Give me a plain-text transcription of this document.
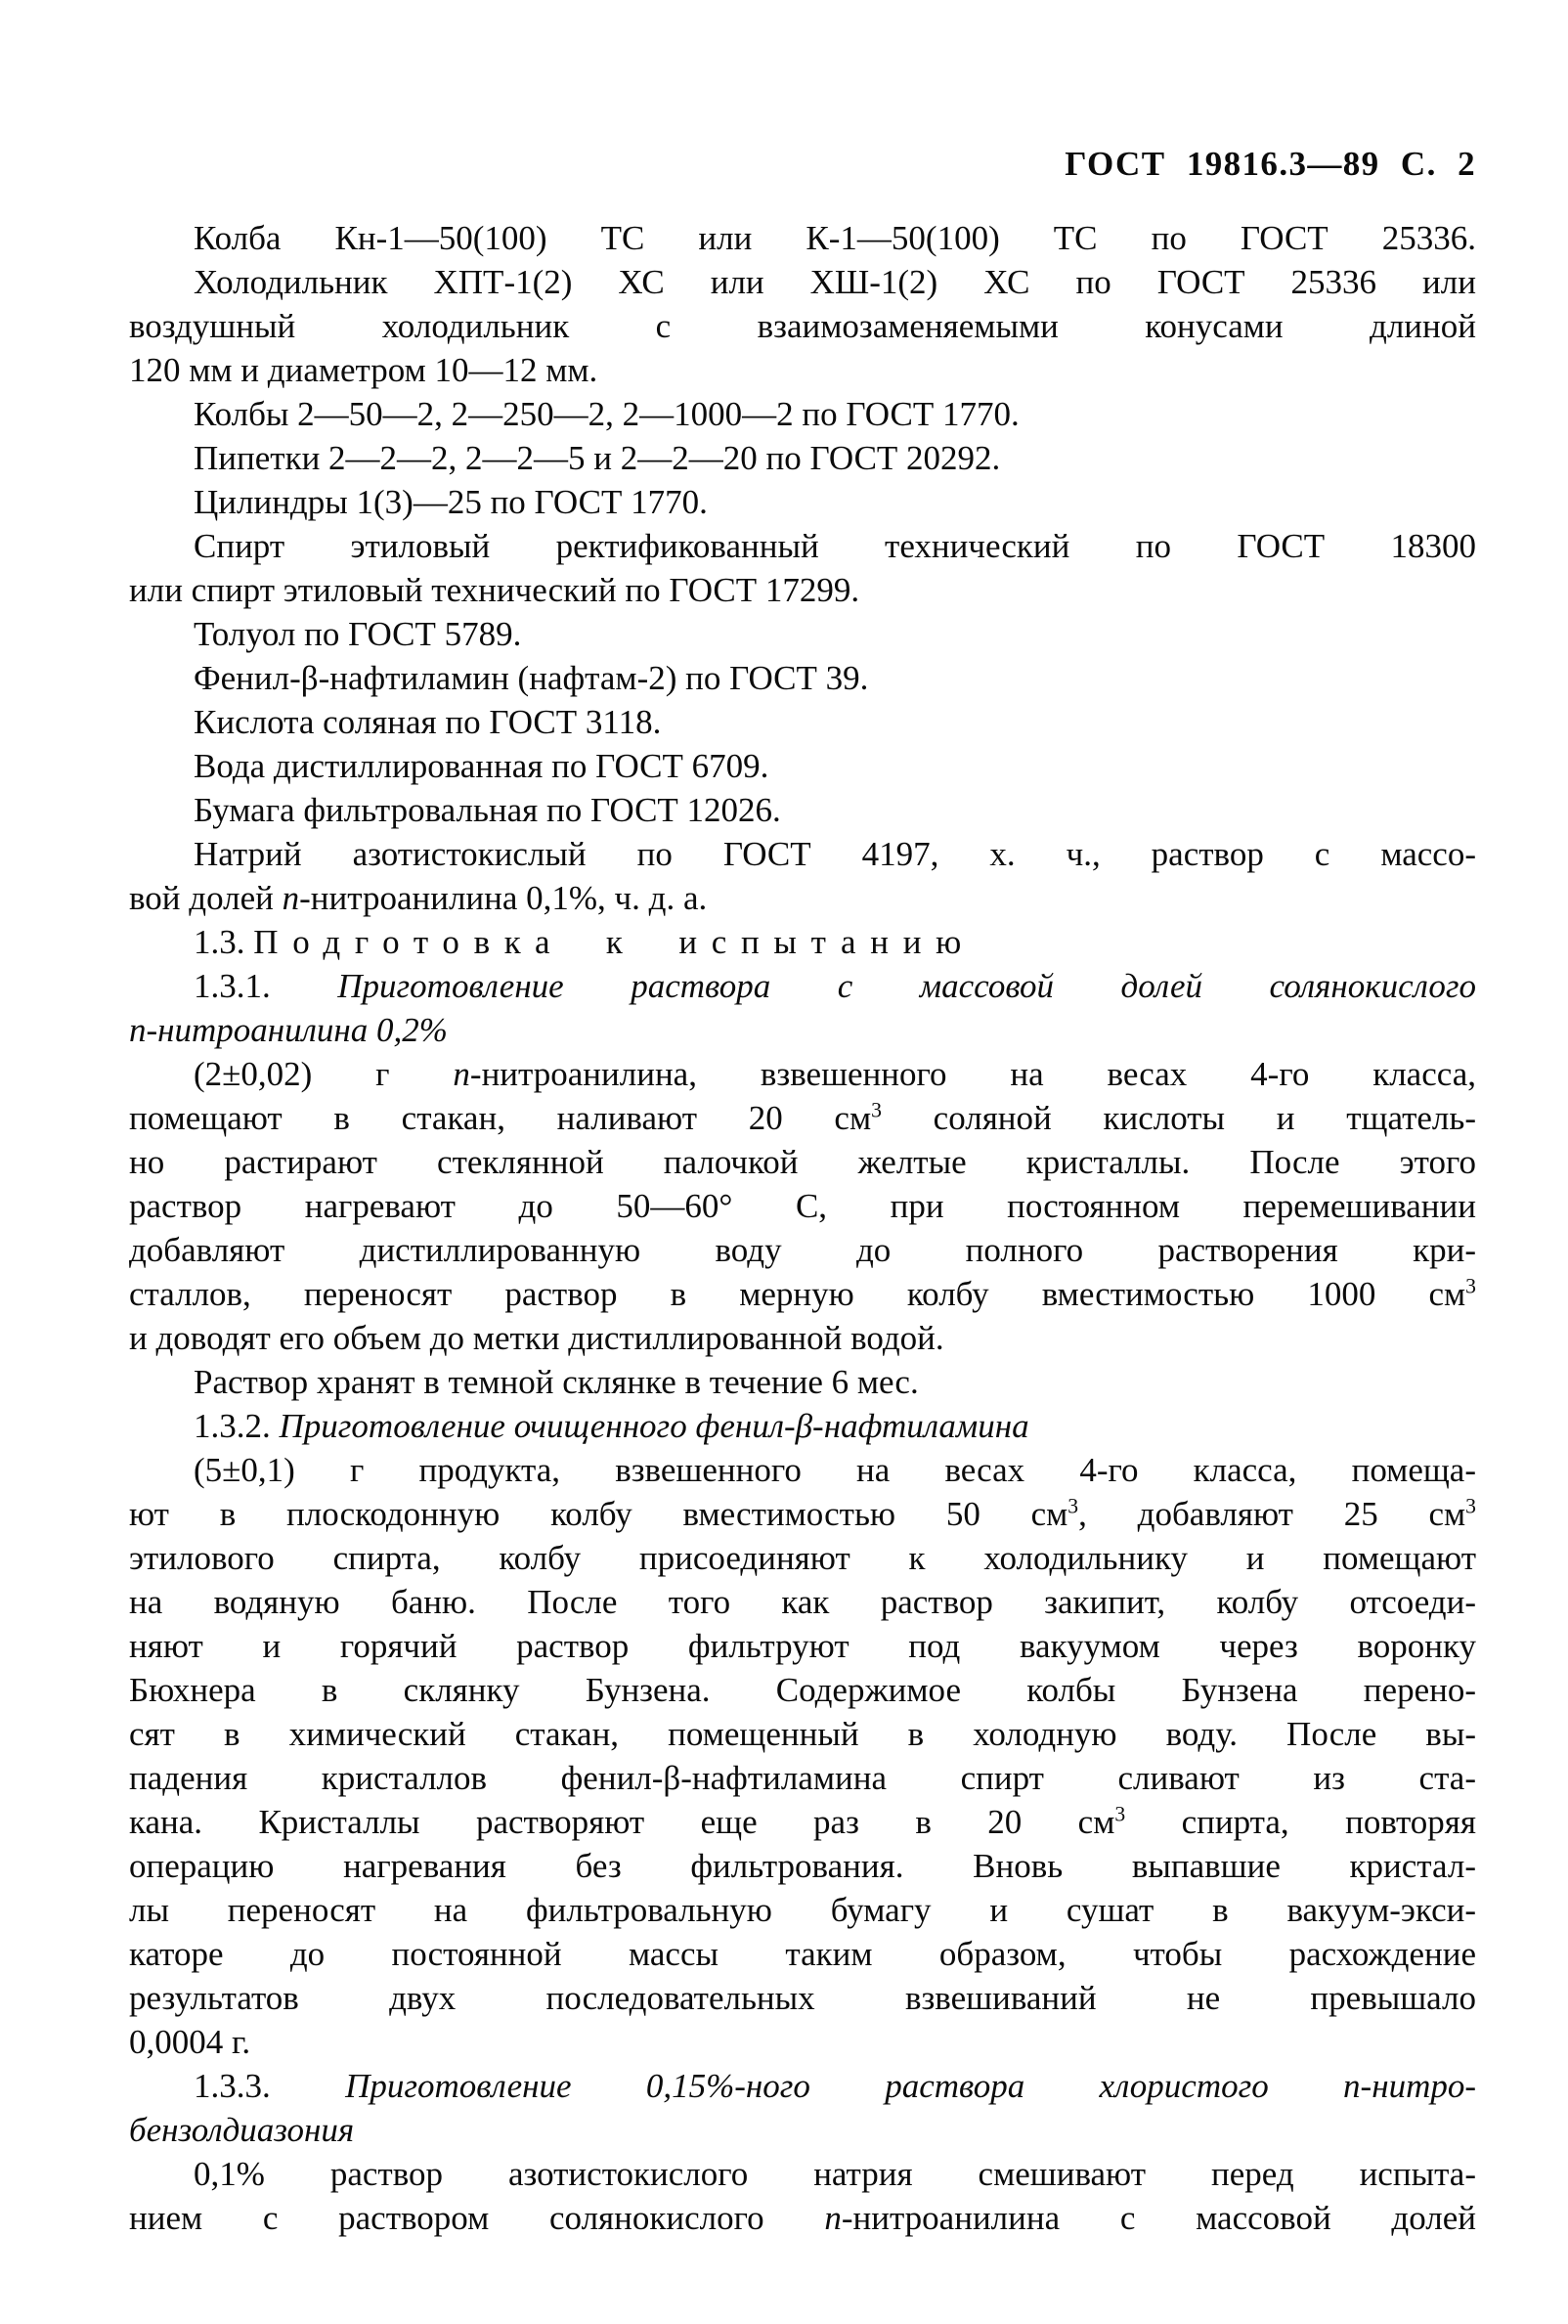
ГОСТ 19816.3—89 С. 2
Колба Кн-1—50(100) ТС или К-1—50(100) ТС по ГОСТ 25336.
Холодильник ХПТ-1(2) ХС или ХШ-1(2) ХС по ГОСТ 25336 или
воздушный холодильник с взаимозаменяемыми конусами длиной
120 мм и диаметром 10—12 мм.
Колбы 2—50—2, 2—250—2, 2—1000—2 по ГОСТ 1770.
Пипетки 2—2—2, 2—2—5 и 2—2—20 по ГОСТ 20292.
Цилиндры 1(3)—25 по ГОСТ 1770.
Спирт этиловый ректификованный технический по ГОСТ 18300
или спирт этиловый технический по ГОСТ 17299.
Толуол по ГОСТ 5789.
Фенил-β-нафтиламин (нафтам-2) по ГОСТ 39.
Кислота соляная по ГОСТ 3118.
Вода дистиллированная по ГОСТ 6709.
Бумага фильтровальная по ГОСТ 12026.
Натрий азотистокислый по ГОСТ 4197, х. ч., раствор с массо-
вой долей п-нитроанилина 0,1%, ч. д. а.
1.3. Подготовка к испытанию
1.3.1. Приготовление раствора с массовой долей солянокислого
п-нитроанилина 0,2%
(2±0,02) г п-нитроанилина, взвешенного на весах 4-го класса,
помещают в стакан, наливают 20 $см^3$ соляной кислоты и тщатель-
но растирают стеклянной палочкой желтые кристаллы. После этого
раствор нагревают до 50—60° С, при постоянном перемешивании
добавляют дистиллированную воду до полного растворения кри-
сталлов, переносят раствор в мерную колбу вместимостью 1000 $см^3$
и доводят его объем до метки дистиллированной водой.
Раствор хранят в темной склянке в течение 6 мес.
1.3.2. Приготовление очищенного фенил-β-нафтиламина
(5±0,1) г продукта, взвешенного на весах 4-го класса, помеща-
ют в плоскодонную колбу вместимостью 50 $см^3$, добавляют 25 $см^3$
этилового спирта, колбу присоединяют к холодильнику и помещают
на водяную баню. После того как раствор закипит, колбу отсоеди-
няют и горячий раствор фильтруют под вакуумом через воронку
Бюхнера в склянку Бунзена. Содержимое колбы Бунзена перено-
сят в химический стакан, помещенный в холодную воду. После вы-
падения кристаллов фенил-β-нафтиламина спирт сливают из ста-
кана. Кристаллы растворяют еще раз в 20 $см^3$ спирта, повторяя
операцию нагревания без фильтрования. Вновь выпавшие кристал-
лы переносят на фильтровальную бумагу и сушат в вакуум-экси-
каторе до постоянной массы таким образом, чтобы расхождение
результатов двух последовательных взвешиваний не превышало
0,0004 г.
1.3.3. Приготовление 0,15%-ного раствора хлористого п-нитро-
бензолдиазония
0,1% раствор азотистокислого натрия смешивают перед испыта-
нием с раствором солянокислого п-нитроанилина с массовой долей
